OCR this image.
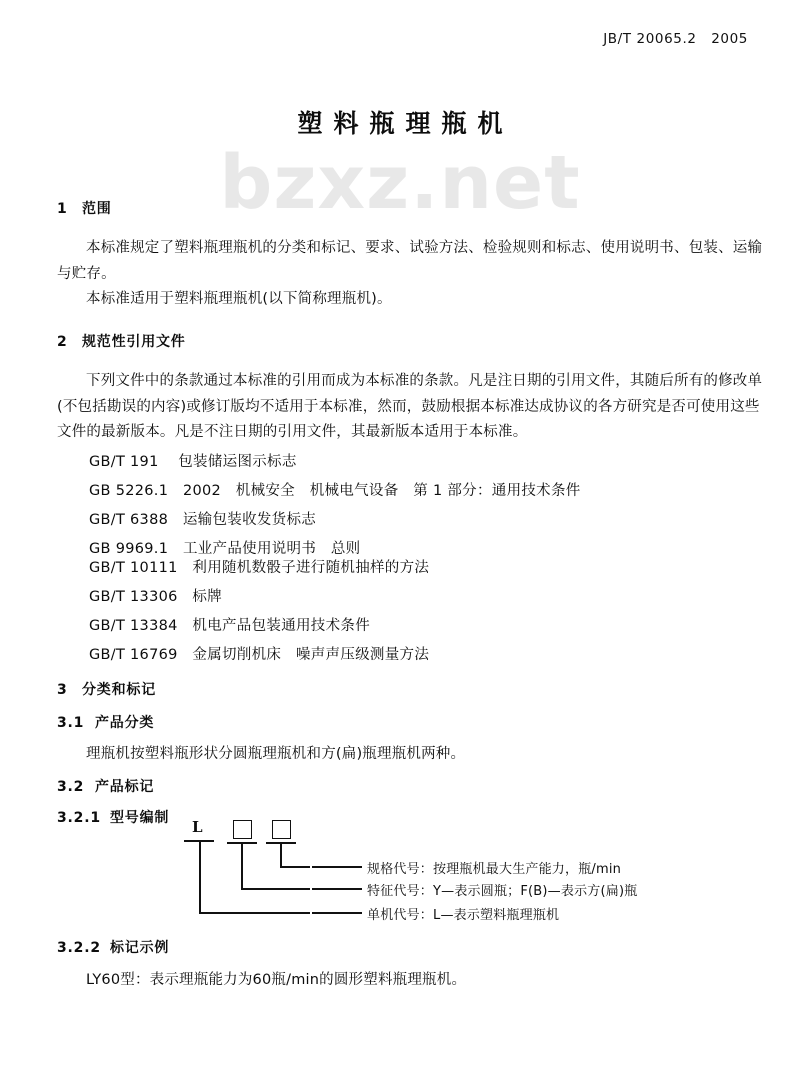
bzxz.net
JB/T 20065.2   2005
塑料瓶理瓶机
1 范围
本标准规定了塑料瓶理瓶机的分类和标记、要求、试验方法、检验规则和标志、使用说明书、包装、运输与贮存。
本标准适用于塑料瓶理瓶机(以下简称理瓶机)。
2 规范性引用文件
下列文件中的条款通过本标准的引用而成为本标准的条款。凡是注日期的引用文件，其随后所有的修改单(不包括勘误的内容)或修订版均不适用于本标准，然而，鼓励根据本标准达成协议的各方研究是否可使用这些文件的最新版本。凡是不注日期的引用文件，其最新版本适用于本标准。
GB/T 191    包装储运图示标志
GB 5226.1   2002   机械安全   机械电气设备   第 1 部分：通用技术条件
GB/T 6388   运输包装收发货标志
GB 9969.1   工业产品使用说明书   总则
GB/T 10111   利用随机数骰子进行随机抽样的方法
GB/T 13306   标牌
GB/T 13384   机电产品包装通用技术条件
GB/T 16769   金属切削机床   噪声声压级测量方法
3 分类和标记
3.1 产品分类
理瓶机按塑料瓶形状分圆瓶理瓶机和方(扁)瓶理瓶机两种。
3.2 产品标记
3.2.1 型号编制 L
规格代号：按理瓶机最大生产能力，瓶/min
特征代号：Y—表示圆瓶；F(B)—表示方(扁)瓶
单机代号：L—表示塑料瓶理瓶机
3.2.2 标记示例
LY60型：表示理瓶能力为60瓶/min的圆形塑料瓶理瓶机。
